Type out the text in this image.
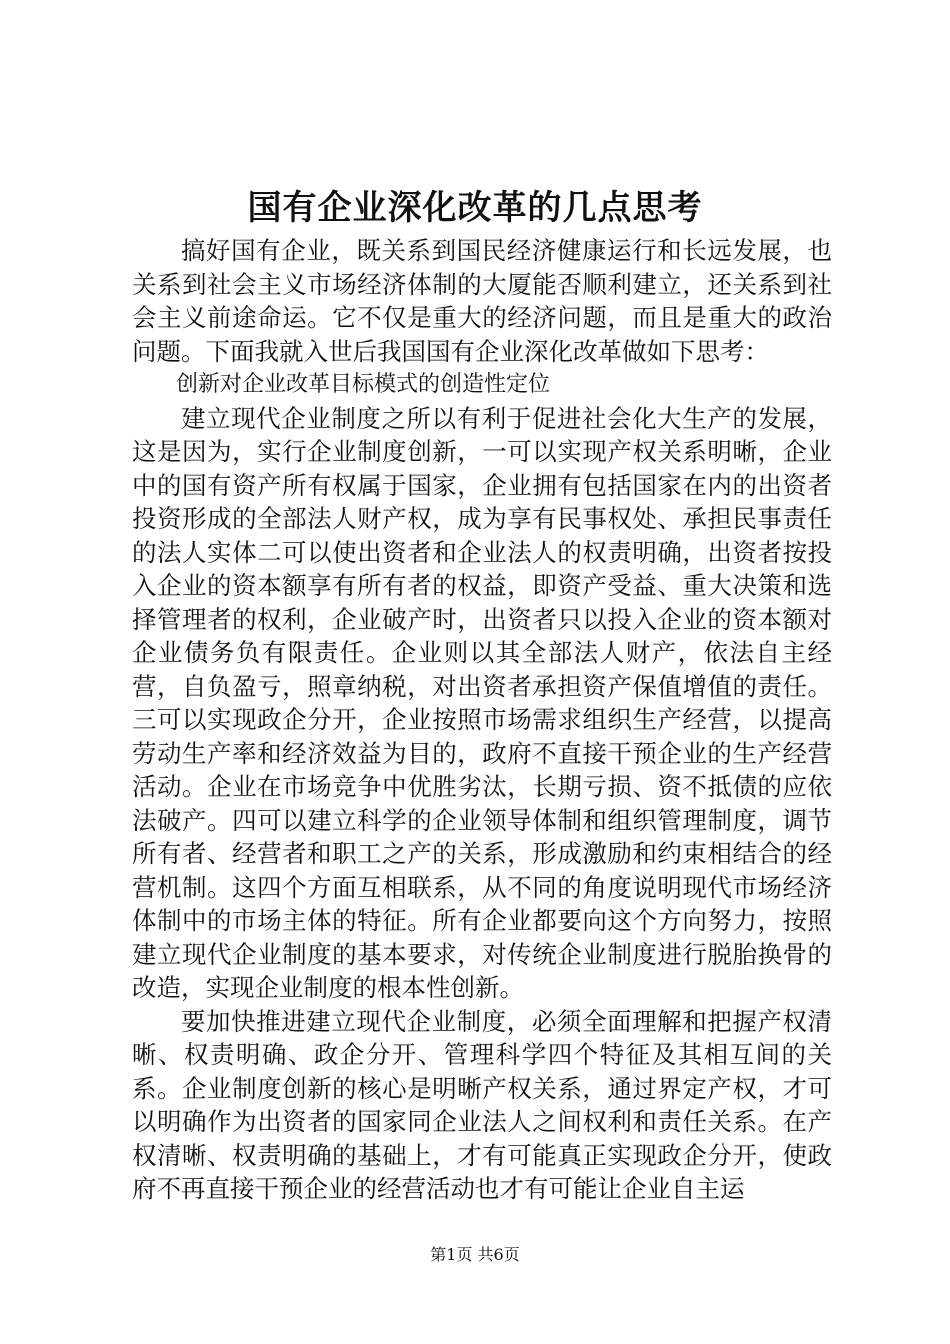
国有企业深化改革的几点思考

搞好国有企业，既关系到国民经济健康运行和长远发展，也关系到社会主义市场经济体制的大厦能否顺利建立，还关系到社会主义前途命运。它不仅是重大的经济问题，而且是重大的政治问题。下面我就入世后我国国有企业深化改革做如下思考：

创新对企业改革目标模式的创造性定位

建立现代企业制度之所以有利于促进社会化大生产的发展，这是因为，实行企业制度创新，一可以实现产权关系明晰，企业中的国有资产所有权属于国家，企业拥有包括国家在内的出资者投资形成的全部法人财产权，成为享有民事权处、承担民事责任的法人实体二可以使出资者和企业法人的权责明确，出资者按投入企业的资本额享有所有者的权益，即资产受益、重大决策和选择管理者的权利，企业破产时，出资者只以投入企业的资本额对企业债务负有限责任。企业则以其全部法人财产，依法自主经营，自负盈亏，照章纳税，对出资者承担资产保值增值的责任。三可以实现政企分开，企业按照市场需求组织生产经营，以提高劳动生产率和经济效益为目的，政府不直接干预企业的生产经营活动。企业在市场竞争中优胜劣汰，长期亏损、资不抵债的应依法破产。四可以建立科学的企业领导体制和组织管理制度，调节所有者、经营者和职工之产的关系，形成激励和约束相结合的经营机制。这四个方面互相联系，从不同的角度说明现代市场经济体制中的市场主体的特征。所有企业都要向这个方向努力，按照建立现代企业制度的基本要求，对传统企业制度进行脱胎换骨的改造，实现企业制度的根本性创新。

要加快推进建立现代企业制度，必须全面理解和把握产权清晰、权责明确、政企分开、管理科学四个特征及其相互间的关系。企业制度创新的核心是明晰产权关系，通过界定产权，才可以明确作为出资者的国家同企业法人之间权利和责任关系。在产权清晰、权责明确的基础上，才有可能真正实现政企分开，使政府不再直接干预企业的经营活动也才有可能让企业自主运

第1页 共6页
